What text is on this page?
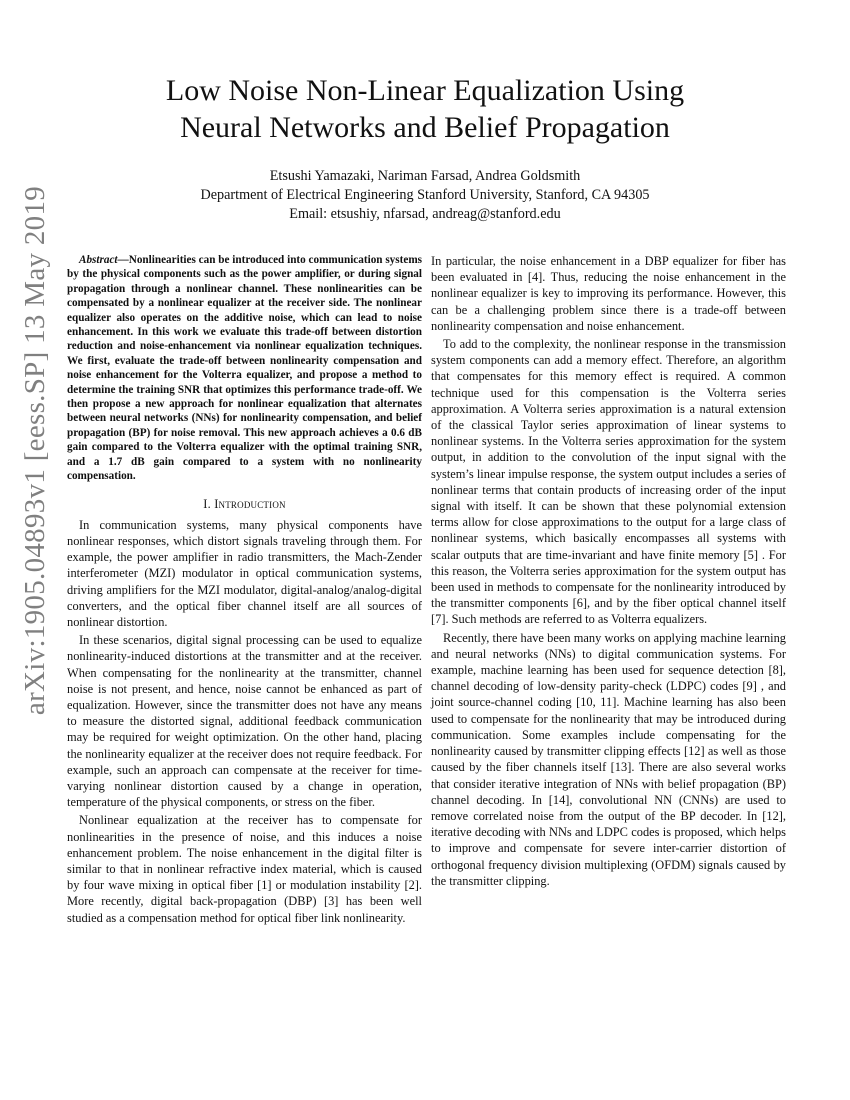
arXiv:1905.04893v1 [eess.SP] 13 May 2019
Low Noise Non-Linear Equalization Using
Neural Networks and Belief Propagation
Etsushi Yamazaki, Nariman Farsad, Andrea Goldsmith
Department of Electrical Engineering Stanford University, Stanford, CA 94305
Email: etsushiy, nfarsad, andreag@stanford.edu

Abstract—Nonlinearities can be introduced into communication systems by the physical components such as the power amplifier, or during signal propagation through a nonlinear channel. These nonlinearities can be compensated by a nonlinear equalizer at the receiver side. The nonlinear equalizer also operates on the additive noise, which can lead to noise enhancement. In this work we evaluate this trade-off between distortion reduction and noise-enhancement via nonlinear equalization techniques. We first, evaluate the trade-off between nonlinearity compensation and noise enhancement for the Volterra equalizer, and propose a method to determine the training SNR that optimizes this performance trade-off. We then propose a new approach for nonlinear equalization that alternates between neural networks (NNs) for nonlinearity compensation, and belief propagation (BP) for noise removal. This new approach achieves a 0.6 dB gain compared to the Volterra equalizer with the optimal training SNR, and a 1.7 dB gain compared to a system with no nonlinearity compensation.

I. Introduction

In communication systems, many physical components have nonlinear responses, which distort signals traveling through them. For example, the power amplifier in radio transmitters, the Mach-Zender interferometer (MZI) modulator in optical communication systems, driving amplifiers for the MZI modulator, digital-analog/analog-digital converters, and the optical fiber channel itself are all sources of nonlinear distortion.

In these scenarios, digital signal processing can be used to equalize nonlinearity-induced distortions at the transmitter and at the receiver. When compensating for the nonlinearity at the transmitter, channel noise is not present, and hence, noise cannot be enhanced as part of equalization. However, since the transmitter does not have any means to measure the distorted signal, additional feedback communication may be required for weight optimization. On the other hand, placing the nonlinearity equalizer at the receiver does not require feedback. For example, such an approach can compensate at the receiver for time-varying nonlinear distortion caused by a change in operation, temperature of the physical components, or stress on the fiber.

Nonlinear equalization at the receiver has to compensate for nonlinearities in the presence of noise, and this induces a noise enhancement problem. The noise enhancement in the digital filter is similar to that in nonlinear refractive index material, which is caused by four wave mixing in optical fiber [1] or modulation instability [2]. More recently, digital back-propagation (DBP) [3] has been well studied as a compensation method for optical fiber link nonlinearity.

In particular, the noise enhancement in a DBP equalizer for fiber has been evaluated in [4]. Thus, reducing the noise enhancement in the nonlinear equalizer is key to improving its performance. However, this can be a challenging problem since there is a trade-off between nonlinearity compensation and noise enhancement.

To add to the complexity, the nonlinear response in the transmission system components can add a memory effect. Therefore, an algorithm that compensates for this memory effect is required. A common technique used for this compensation is the Volterra series approximation. A Volterra series approximation is a natural extension of the classical Taylor series approximation of linear systems to nonlinear systems. In the Volterra series approximation for the system output, in addition to the convolution of the input signal with the system’s linear impulse response, the system output includes a series of nonlinear terms that contain products of increasing order of the input signal with itself. It can be shown that these polynomial extension terms allow for close approximations to the output for a large class of nonlinear systems, which basically encompasses all systems with scalar outputs that are time-invariant and have finite memory [5] . For this reason, the Volterra series approximation for the system output has been used in methods to compensate for the nonlinearity introduced by the transmitter components [6], and by the fiber optical channel itself [7]. Such methods are referred to as Volterra equalizers.

Recently, there have been many works on applying machine learning and neural networks (NNs) to digital communication systems. For example, machine learning has been used for sequence detection [8], channel decoding of low-density parity-check (LDPC) codes [9] , and joint source-channel coding [10, 11]. Machine learning has also been used to compensate for the nonlinearity that may be introduced during communication. Some examples include compensating for the nonlinearity caused by transmitter clipping effects [12] as well as those caused by the fiber channels itself [13]. There are also several works that consider iterative integration of NNs with belief propagation (BP) channel decoding. In [14], convolutional NN (CNNs) are used to remove correlated noise from the output of the BP decoder. In [12], iterative decoding with NNs and LDPC codes is proposed, which helps to improve and compensate for severe inter-carrier distortion of orthogonal frequency division multiplexing (OFDM) signals caused by the transmitter clipping.
